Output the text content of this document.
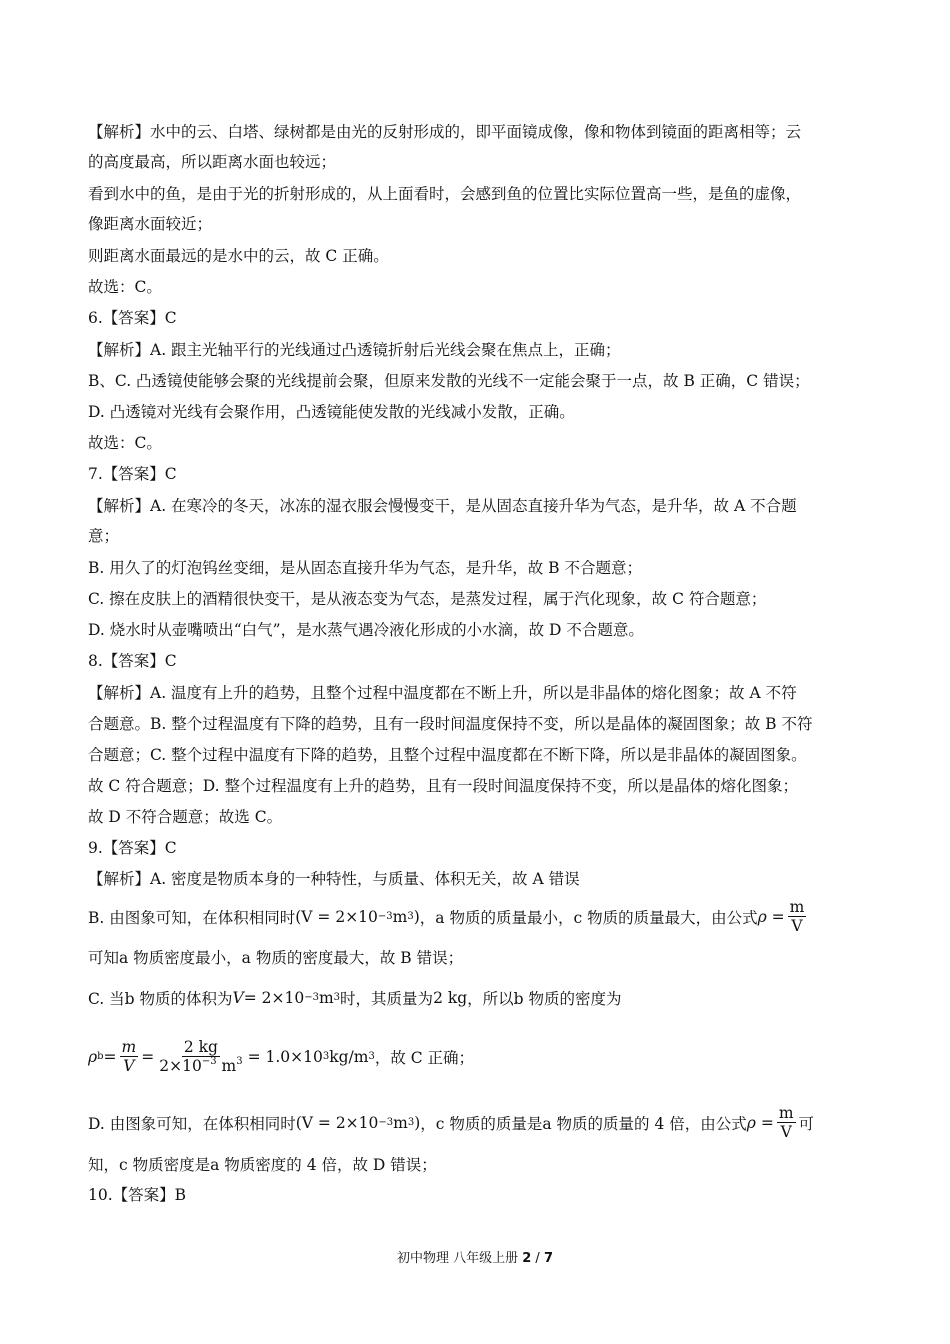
【解析】水中的云、白塔、绿树都是由光的反射形成的，即平面镜成像，像和物体到镜面的距离相等；云
的高度最高，所以距离水面也较远；
看到水中的鱼，是由于光的折射形成的，从上面看时，会感到鱼的位置比实际位置高一些，是鱼的虚像，
像距离水面较近；
则距离水面最远的是水中的云，故 C 正确。
故选：C。
6.【答案】C
【解析】A. 跟主光轴平行的光线通过凸透镜折射后光线会聚在焦点上，正确；
B、C. 凸透镜使能够会聚的光线提前会聚，但原来发散的光线不一定能会聚于一点，故 B 正确，C 错误；
D. 凸透镜对光线有会聚作用，凸透镜能使发散的光线减小发散，正确。
故选：C。
7.【答案】C
【解析】A. 在寒冷的冬天，冰冻的湿衣服会慢慢变干，是从固态直接升华为气态，是升华，故 A 不合题
意；
B. 用久了的灯泡钨丝变细，是从固态直接升华为气态，是升华，故 B 不合题意；
C. 擦在皮肤上的酒精很快变干，是从液态变为气态，是蒸发过程，属于汽化现象，故 C 符合题意；
D. 烧水时从壶嘴喷出“白气”，是水蒸气遇冷液化形成的小水滴，故 D 不合题意。
8.【答案】C
【解析】A. 温度有上升的趋势，且整个过程中温度都在不断上升，所以是非晶体的熔化图象；故 A 不符
合题意。B. 整个过程温度有下降的趋势，且有一段时间温度保持不变，所以是晶体的凝固图象；故 B 不符
合题意；C. 整个过程中温度有下降的趋势，且整个过程中温度都在不断下降，所以是非晶体的凝固图象。
故 C 符合题意；D. 整个过程温度有上升的趋势，且有一段时间温度保持不变，所以是晶体的熔化图象；
故 D 不符合题意；故选 C。
9.【答案】C
【解析】A. 密度是物质本身的一种特性，与质量、体积无关，故 A 错误
B. 由图象可知，在体积相同时 (V = 2×10 −3 m 3 ) ，a 物质的质量最小，c 物质的质量最大，由公式 $\rho = \frac{m}{V}$
可知a 物质密度最小，a 物质的密度最大，故 B 错误；
C. 当b 物质的体积为 V = 2×10 −3 m 3 时，其质量为 2 kg ，所以b 物质的密度为
ρ $b = \frac{m}{V} = \frac{2 kg}{2\times 10^{-3} m^3} = 1.0\times 10$ 3 kg/m 3 ，故 C 正确；
D. 由图象可知，在体积相同时 (V = 2×10 −3 m 3 ) ，c 物质的质量是a 物质的质量的 4 倍，由公式 $\rho = \frac{m}{V}$ 可
知，c 物质密度是a 物质密度的 4 倍，故 D 错误；
10.【答案】B
初中物理 八年级上册 2 / 7
